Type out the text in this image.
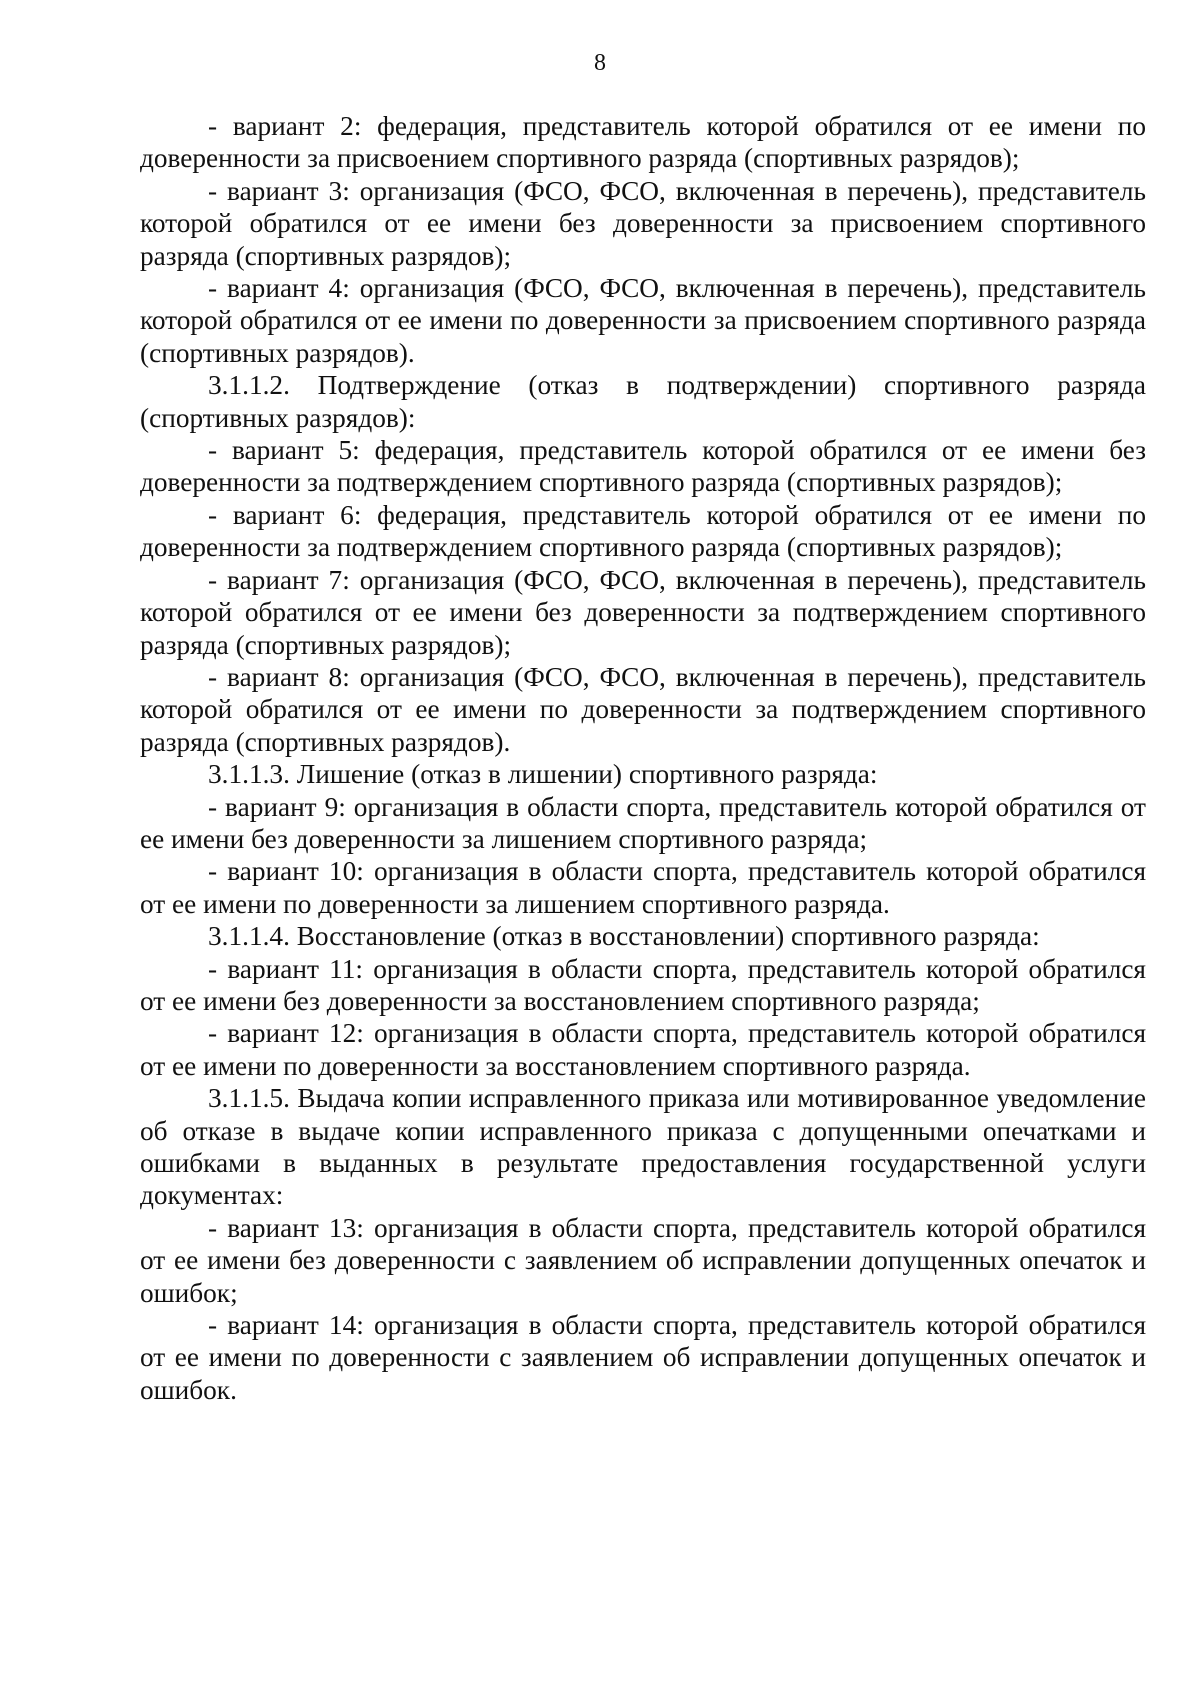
8

- вариант 2: федерация, представитель которой обратился от ее имени по доверенности за присвоением спортивного разряда (спортивных разрядов);

- вариант 3: организация (ФСО, ФСО, включенная в перечень), представитель которой обратился от ее имени без доверенности за присвоением спортивного разряда (спортивных разрядов);

- вариант 4: организация (ФСО, ФСО, включенная в перечень), представитель которой обратился от ее имени по доверенности за присвоением спортивного разряда (спортивных разрядов).

3.1.1.2. Подтверждение (отказ в подтверждении) спортивного разряда (спортивных разрядов):

- вариант 5: федерация, представитель которой обратился от ее имени без доверенности за подтверждением спортивного разряда (спортивных разрядов);

- вариант 6: федерация, представитель которой обратился от ее имени по доверенности за подтверждением спортивного разряда (спортивных разрядов);

- вариант 7: организация (ФСО, ФСО, включенная в перечень), представитель которой обратился от ее имени без доверенности за подтверждением спортивного разряда (спортивных разрядов);

- вариант 8: организация (ФСО, ФСО, включенная в перечень), представитель которой обратился от ее имени по доверенности за подтверждением спортивного разряда (спортивных разрядов).

3.1.1.3. Лишение (отказ в лишении) спортивного разряда:

- вариант 9: организация в области спорта, представитель которой обратился от ее имени без доверенности за лишением спортивного разряда;

- вариант 10: организация в области спорта, представитель которой обратился от ее имени по доверенности за лишением спортивного разряда.

3.1.1.4. Восстановление (отказ в восстановлении) спортивного разряда:

- вариант 11: организация в области спорта, представитель которой обратился от ее имени без доверенности за восстановлением спортивного разряда;

- вариант 12: организация в области спорта, представитель которой обратился от ее имени по доверенности за восстановлением спортивного разряда.

3.1.1.5. Выдача копии исправленного приказа или мотивированное уведомление об отказе в выдаче копии исправленного приказа с допущенными опечатками и ошибками в выданных в результате предоставления государственной услуги документах:

- вариант 13: организация в области спорта, представитель которой обратился от ее имени без доверенности с заявлением об исправлении допущенных опечаток и ошибок;

- вариант 14: организация в области спорта, представитель которой обратился от ее имени по доверенности с заявлением об исправлении допущенных опечаток и ошибок.
